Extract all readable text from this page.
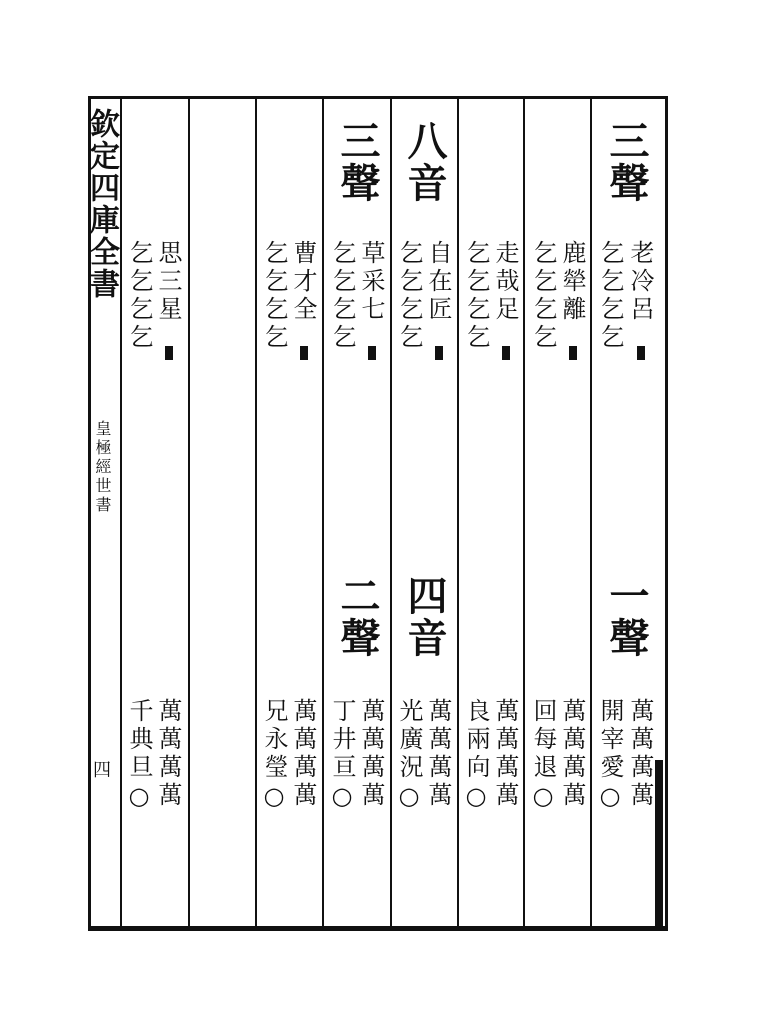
欽定四庫全書
皇極經世書
四
三聲
老冷呂
乞乞乞乞
一聲
萬萬萬萬
開宰愛○
鹿犖離
乞乞乞乞
萬萬萬萬
回每退○
走哉足
乞乞乞乞
萬萬萬萬
良兩向○
八音
自在匠
乞乞乞乞
四音
萬萬萬萬
光廣況○
三聲
草采七
乞乞乞乞
二聲
萬萬萬萬
丁井亘○
曹才全
乞乞乞乞
萬萬萬萬
兄永瑩○
思三星
乞乞乞乞
萬萬萬萬
千典旦○
